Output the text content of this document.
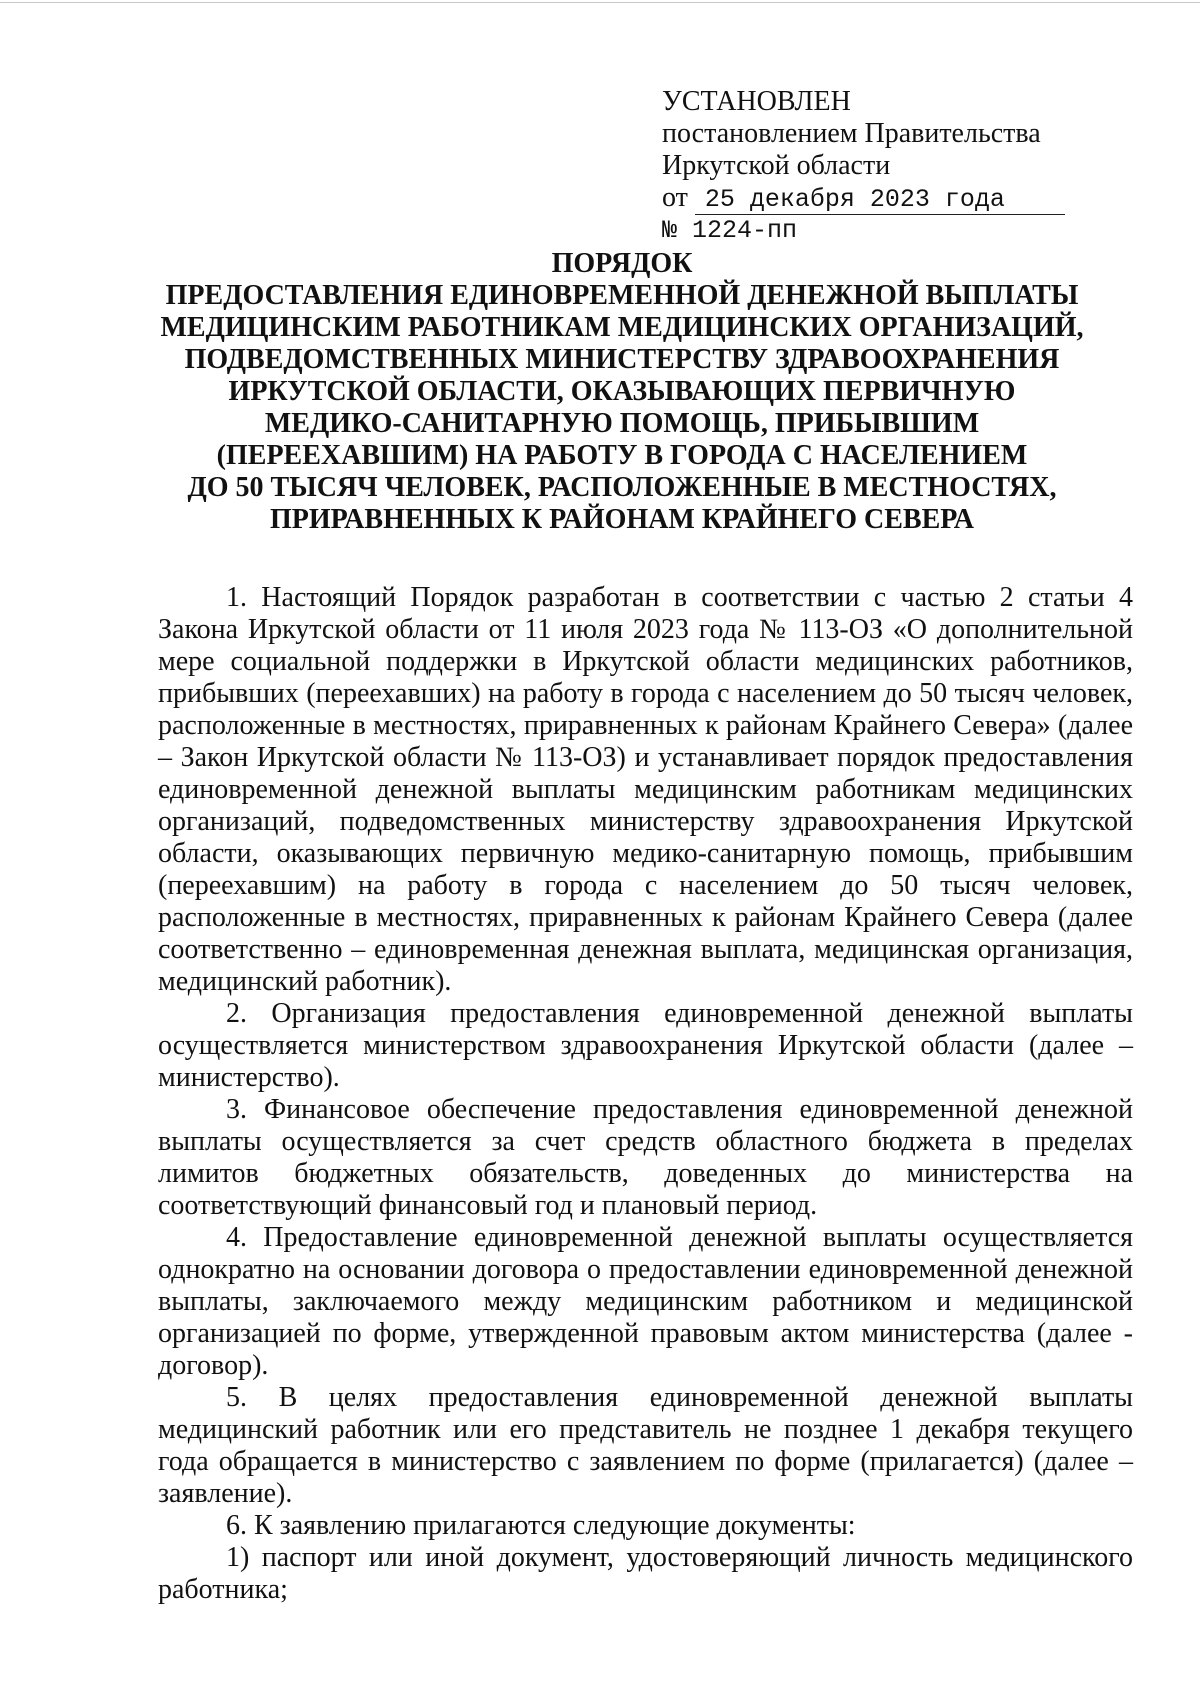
УСТАНОВЛЕН
постановлением Правительства
Иркутской области
от 25 декабря 2023 года
№ 1224-пп
ПОРЯДОК
ПРЕДОСТАВЛЕНИЯ ЕДИНОВРЕМЕННОЙ ДЕНЕЖНОЙ ВЫПЛАТЫ
МЕДИЦИНСКИМ РАБОТНИКАМ МЕДИЦИНСКИХ ОРГАНИЗАЦИЙ,
ПОДВЕДОМСТВЕННЫХ МИНИСТЕРСТВУ ЗДРАВООХРАНЕНИЯ
ИРКУТСКОЙ ОБЛАСТИ, ОКАЗЫВАЮЩИХ ПЕРВИЧНУЮ
МЕДИКО-САНИТАРНУЮ ПОМОЩЬ, ПРИБЫВШИМ
(ПЕРЕЕХАВШИМ) НА РАБОТУ В ГОРОДА С НАСЕЛЕНИЕМ
ДО 50 ТЫСЯЧ ЧЕЛОВЕК, РАСПОЛОЖЕННЫЕ В МЕСТНОСТЯХ,
ПРИРАВНЕННЫХ К РАЙОНАМ КРАЙНЕГО СЕВЕРА

1. Настоящий Порядок разработан в соответствии с частью 2 статьи 4 Закона Иркутской области от 11 июля 2023 года № 113-ОЗ «О дополнительной мере социальной поддержки в Иркутской области медицинских работников, прибывших (переехавших) на работу в города с населением до 50 тысяч человек, расположенные в местностях, приравненных к районам Крайнего Севера» (далее – Закон Иркутской области № 113-ОЗ) и устанавливает порядок предоставления единовременной денежной выплаты медицинским работникам медицинских организаций, подведомственных министерству здравоохранения Иркутской области, оказывающих первичную медико-санитарную помощь, прибывшим (переехавшим) на работу в города с населением до 50 тысяч человек, расположенные в местностях, приравненных к районам Крайнего Севера (далее соответственно – единовременная денежная выплата, медицинская организация, медицинский работник).

2. Организация предоставления единовременной денежной выплаты осуществляется министерством здравоохранения Иркутской области (далее – министерство).

3. Финансовое обеспечение предоставления единовременной денежной выплаты осуществляется за счет средств областного бюджета в пределах лимитов бюджетных обязательств, доведенных до министерства на соответствующий финансовый год и плановый период.

4. Предоставление единовременной денежной выплаты осуществляется однократно на основании договора о предоставлении единовременной денежной выплаты, заключаемого между медицинским работником и медицинской организацией по форме, утвержденной правовым актом министерства (далее - договор).

5. В целях предоставления единовременной денежной выплаты медицинский работник или его представитель не позднее 1 декабря текущего года обращается в министерство с заявлением по форме (прилагается) (далее – заявление).

6. К заявлению прилагаются следующие документы:

1) паспорт или иной документ, удостоверяющий личность медицинского работника;
